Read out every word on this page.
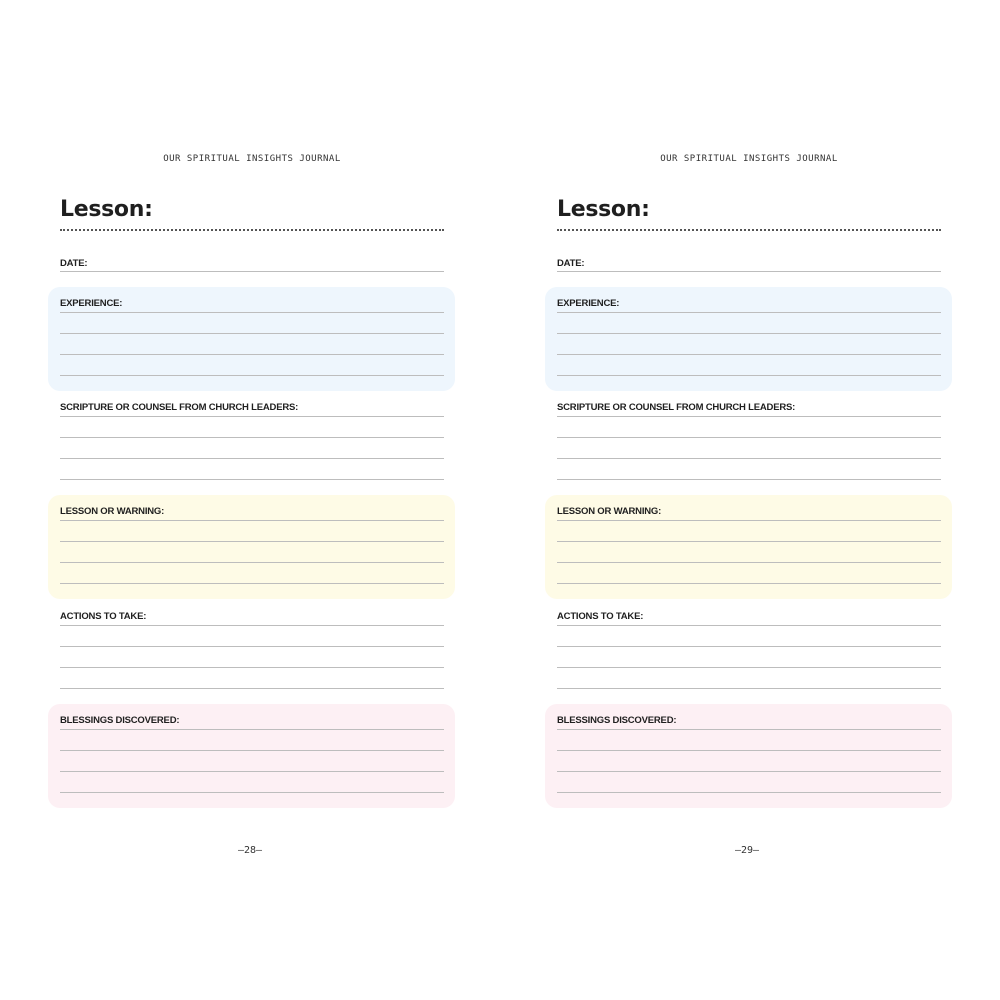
OUR SPIRITUAL INSIGHTS JOURNAL
Lesson:
DATE:
EXPERIENCE:
SCRIPTURE OR COUNSEL FROM CHURCH LEADERS:
LESSON OR WARNING:
ACTIONS TO TAKE:
BLESSINGS DISCOVERED:
—28—
OUR SPIRITUAL INSIGHTS JOURNAL
Lesson:
DATE:
EXPERIENCE:
SCRIPTURE OR COUNSEL FROM CHURCH LEADERS:
LESSON OR WARNING:
ACTIONS TO TAKE:
BLESSINGS DISCOVERED:
—29—
